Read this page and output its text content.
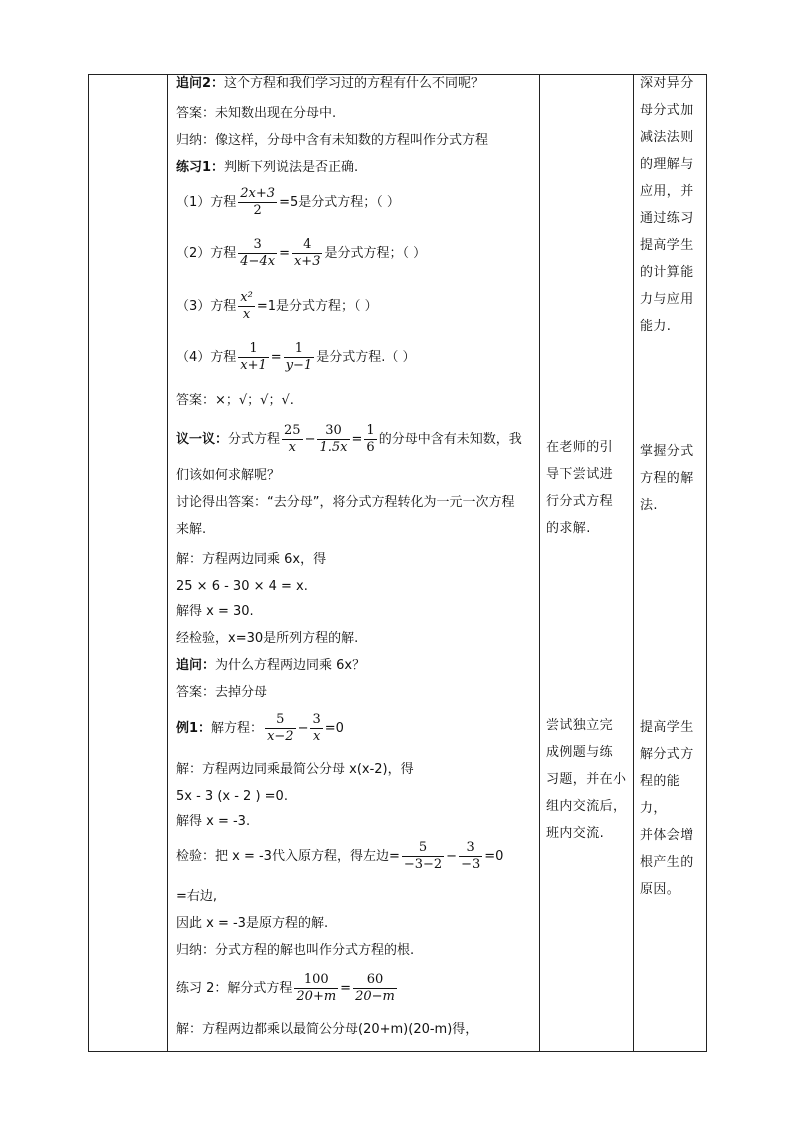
追问2：这个方程和我们学习过的方程有什么不同呢？
答案：未知数出现在分母中.
归纳：像这样，分母中含有未知数的方程叫作分式方程
练习1：判断下列说法是否正确.
（1）方程 $\frac{2x+3}{2} =5$是分式方程；（ ）
（2）方程 $\frac{3}{4-4x} = \frac{4}{x+3}$ 是分式方程；（ ）
（3）方程 $\frac{\text{x²}}{x} =1$是分式方程；（ ）
（4）方程 $\frac{1}{x+1} = \frac{1}{y-1}$ 是分式方程.（ ）
答案：×；√；√；√.
议一议：分式方程 $\frac{25}{x} - \frac{30}{1.5x} = \frac{1}{6}$ 的分母中含有未知数，我
们该如何求解呢？
讨论得出答案：“去分母”，将分式方程转化为一元一次方程
来解.
解：方程两边同乘 6x，得
25 × 6 - 30 × 4 = x.
解得 x = 30.
经检验，x=30是所列方程的解.
追问：为什么方程两边同乘 6x？
答案：去掉分母
例1：解方程： $\frac{5}{x-2} - \frac{3}{x} =0$
解：方程两边同乘最简公分母 x(x-2)，得
5x - 3 (x - 2 ) =0.
解得 x = -3.
检验：把 x = -3代入原方程，得左边= $\frac{5}{-3-2} - \frac{3}{-3} =0$
=右边,
因此 x = -3是原方程的解.
归纳：分式方程的解也叫作分式方程的根.
练习 2：解分式方程 $\frac{100}{20+m} = \frac{60}{20-m}$
解：方程两边都乘以最简公分母(20+m)(20-m)得，
在老师的引
导下尝试进
行分式方程
的求解.
尝试独立完
成例题与练
习题，并在小
组内交流后，
班内交流.
深对异分
母分式加
减法法则
的理解与
应用，并
通过练习
提高学生
的计算能
力与应用
能力.
掌握分式
方程的解
法.
提高学生
解分式方
程的能力，
并体会增
根产生的
原因。
